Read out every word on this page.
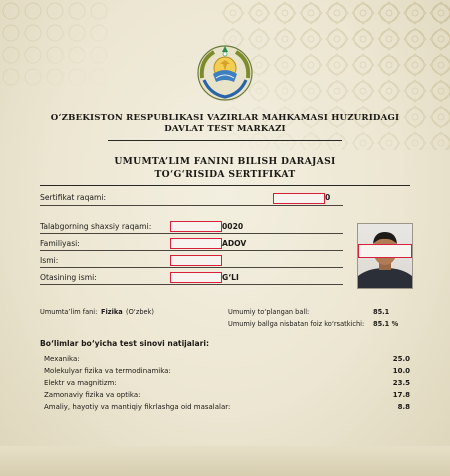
O‘ZBEKISTON RESPUBLIKASI VAZIRLAR MAHKAMASI HUZURIDAGI
DAVLAT TEST MARKAZI
UMUMTA’LIM FANINI BILISH DARAJASI
TO‘G‘RISIDA SERTIFIKAT
Sertifikat raqami:	0
Talabgorning shaxsiy raqami:	0020
Familiyasi:	ADOV
Ismi:
Otasining ismi:	G‘LI
Umumta’lim fani: Fizika (O‘zbek)	Umumiy to‘plangan ball:	85.1
Umumiy ballga nisbatan foiz ko‘rsatkichi: 85.1 %
Bo‘limlar bo‘yicha test sinovi natijalari:
Mexanika:	25.0
Molekulyar fizika va termodinamika:	10.0
Elektr va magnitizm:	23.5
Zamonaviy fizika va optika:	17.8
Amaliy, hayotiy va mantiqiy fikrlashga oid masalalar:	8.8
